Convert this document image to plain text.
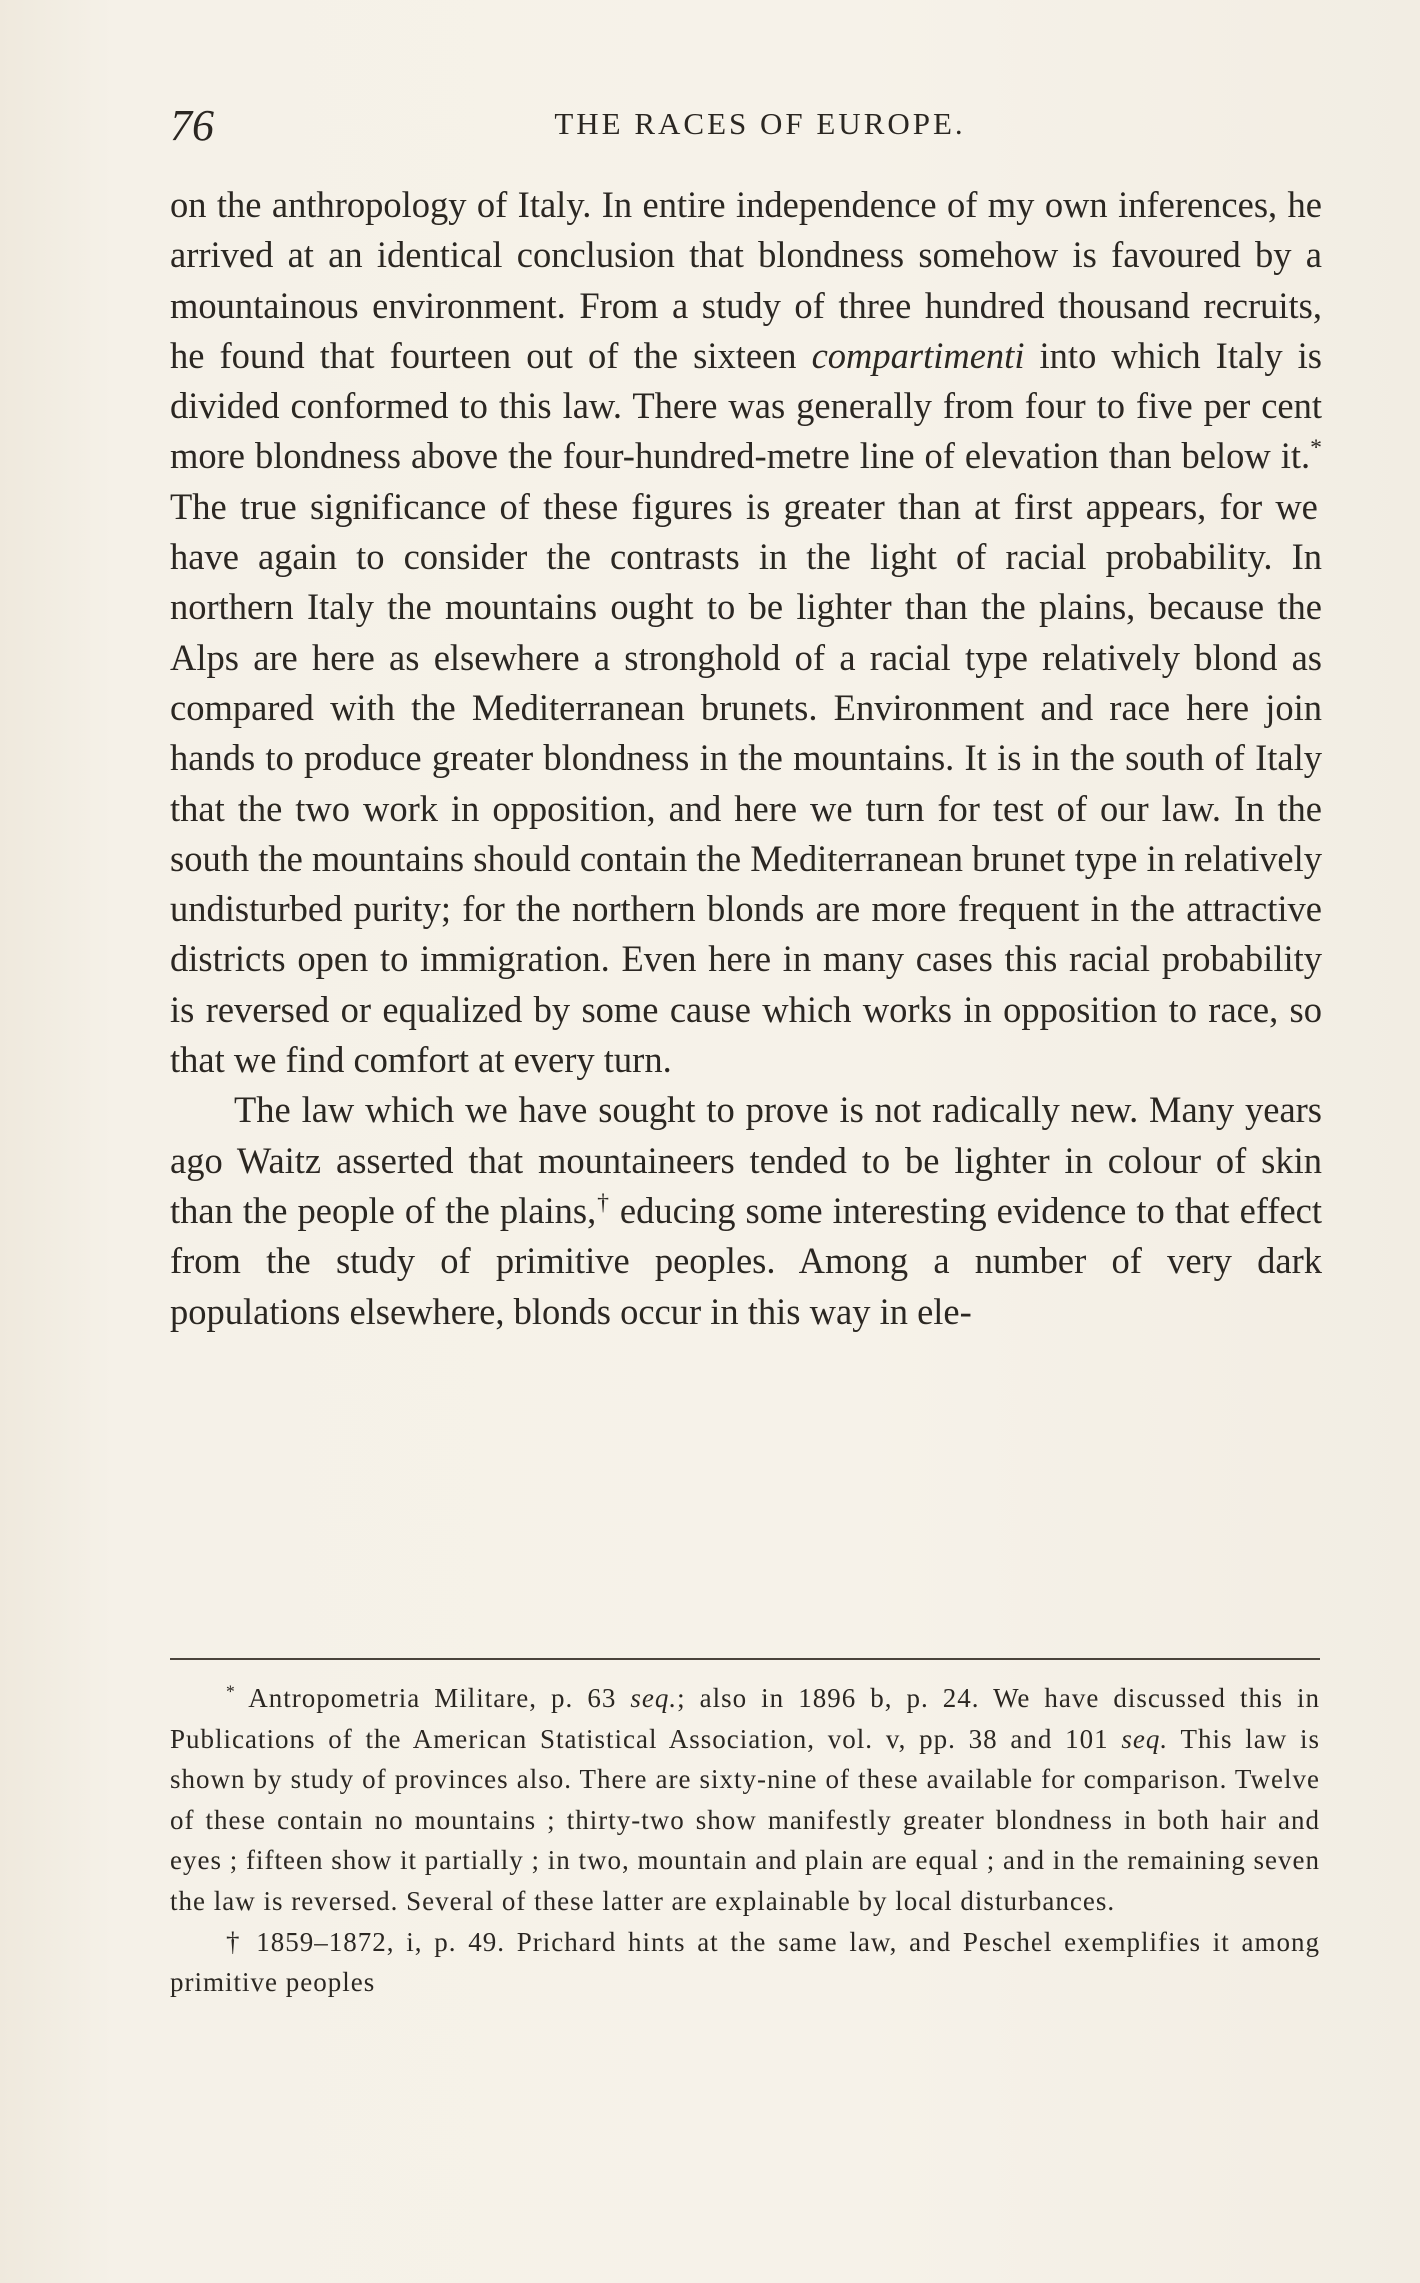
76	THE RACES OF EUROPE.

on the anthropology of Italy. In entire independence of my own inferences, he arrived at an identical conclusion that blondness somehow is favoured by a mountainous environment. From a study of three hundred thousand recruits, he found that fourteen out of the sixteen compartimenti into which Italy is divided conformed to this law. There was generally from four to five per cent more blondness above the four-hundred-metre line of elevation than below it.* The true significance of these figures is greater than at first appears, for we have again to consider the contrasts in the light of racial probability. In northern Italy the mountains ought to be lighter than the plains, because the Alps are here as elsewhere a stronghold of a racial type relatively blond as compared with the Mediterranean brunets. Environment and race here join hands to produce greater blondness in the mountains. It is in the south of Italy that the two work in opposition, and here we turn for test of our law. In the south the mountains should contain the Mediterranean brunet type in relatively undisturbed purity; for the northern blonds are more frequent in the attractive districts open to immigration. Even here in many cases this racial probability is reversed or equalized by some cause which works in opposition to race, so that we find comfort at every turn.

The law which we have sought to prove is not radically new. Many years ago Waitz asserted that mountaineers tended to be lighter in colour of skin than the people of the plains,† educing some interesting evidence to that effect from the study of primitive peoples. Among a number of very dark populations elsewhere, blonds occur in this way in ele-

* Antropometria Militare, p. 63 seq.; also in 1896 b, p. 24. We have discussed this in Publications of the American Statistical Association, vol. v, pp. 38 and 101 seq. This law is shown by study of provinces also. There are sixty-nine of these available for comparison. Twelve of these contain no mountains ; thirty-two show manifestly greater blondness in both hair and eyes ; fifteen show it partially ; in two, mountain and plain are equal ; and in the remaining seven the law is reversed. Several of these latter are explainable by local disturbances.

† 1859–1872, i, p. 49. Prichard hints at the same law, and Peschel exemplifies it among primitive peoples
